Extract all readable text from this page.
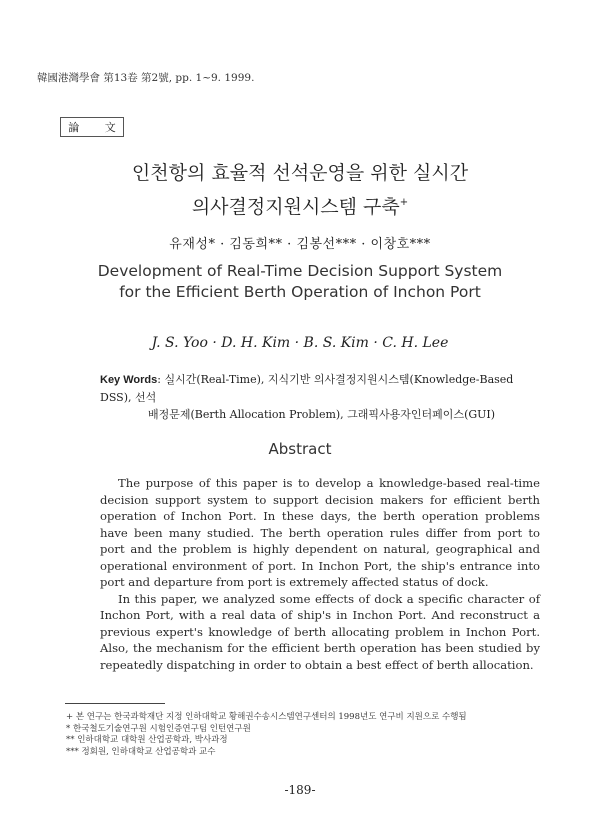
韓國港灣學會 第13卷 第2號, pp. 1~9. 1999.
論 文
인천항의 효율적 선석운영을 위한 실시간
의사결정지원시스템 구축+
유재성* · 김동희** · 김봉선*** · 이창호***
Development of Real-Time Decision Support System
for the Efficient Berth Operation of Inchon Port
J. S. Yoo · D. H. Kim · B. S. Kim · C. H. Lee
Key Words: 실시간(Real-Time), 지식기반 의사결정지원시스템(Knowledge-Based DSS), 선석
배정문제(Berth Allocation Problem), 그래픽사용자인터페이스(GUI)
Abstract

The purpose of this paper is to develop a knowledge-based real-time decision support system to support decision makers for efficient berth operation of Inchon Port. In these days, the berth operation problems have been many studied. The berth operation rules differ from port to port and the problem is highly dependent on natural, geographical and operational environment of port. In Inchon Port, the ship's entrance into port and departure from port is extremely affected status of dock.

In this paper, we analyzed some effects of dock a specific character of Inchon Port, with a real data of ship's in Inchon Port. And reconstruct a previous expert's knowledge of berth allocating problem in Inchon Port. Also, the mechanism for the efficient berth operation has been studied by repeatedly dispatching in order to obtain a best effect of berth allocation.

+ 본 연구는 한국과학재단 지정 인하대학교 황해권수송시스템연구센터의 1998년도 연구비 지원으로 수행됨
* 한국철도기술연구원 시험인증연구팀 인턴연구원
** 인하대학교 대학원 산업공학과, 박사과정
*** 정회원, 인하대학교 산업공학과 교수
-189-
